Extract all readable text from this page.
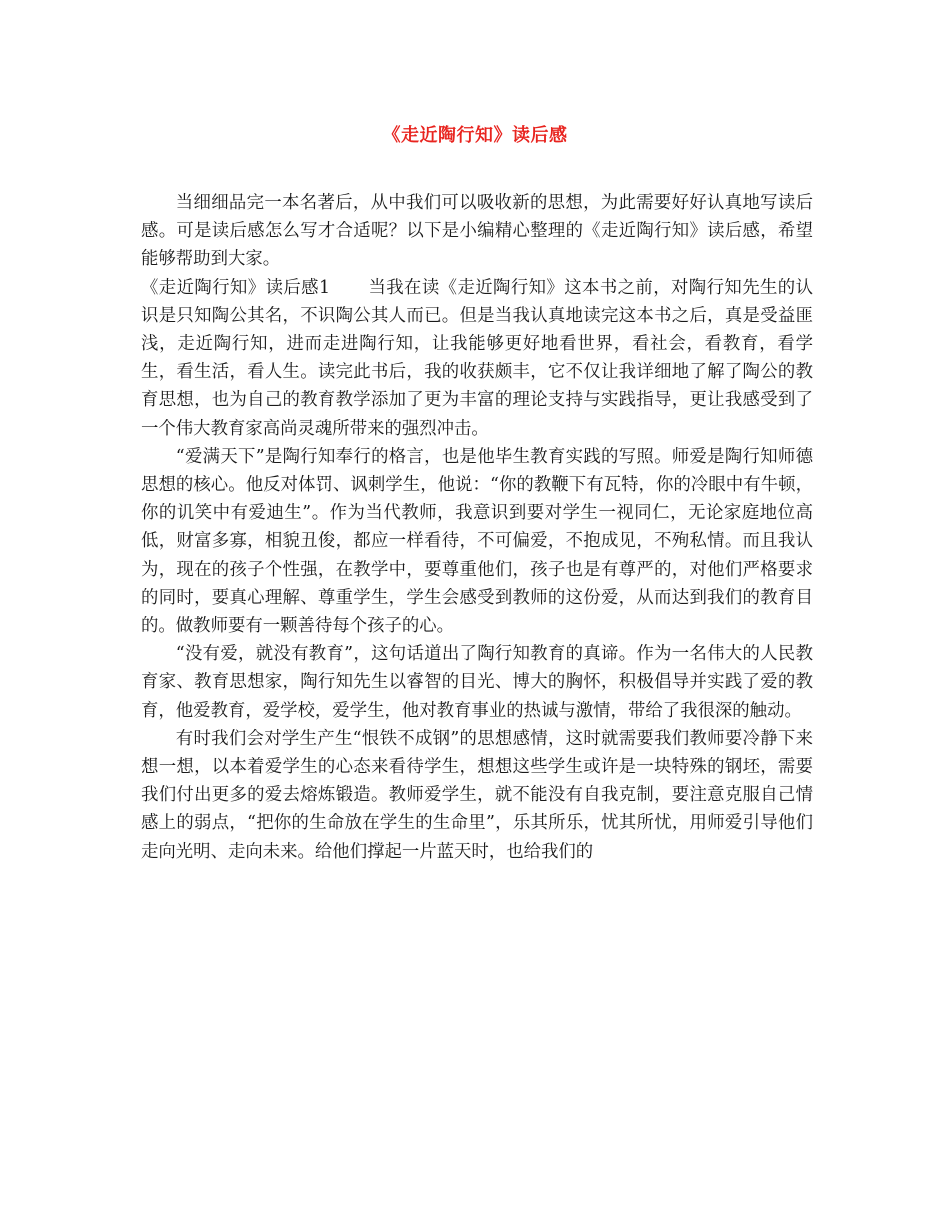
《走近陶行知》读后感

当细细品完一本名著后，从中我们可以吸收新的思想，为此需要好好认真地写读后感。可是读后感怎么写才合适呢？以下是小编精心整理的《走近陶行知》读后感，希望能够帮助到大家。

《走近陶行知》读后感1 当我在读《走近陶行知》这本书之前，对陶行知先生的认识是只知陶公其名，不识陶公其人而已。但是当我认真地读完这本书之后，真是受益匪浅，走近陶行知，进而走进陶行知，让我能够更好地看世界，看社会，看教育，看学生，看生活，看人生。读完此书后，我的收获颇丰，它不仅让我详细地了解了陶公的教育思想，也为自己的教育教学添加了更为丰富的理论支持与实践指导，更让我感受到了一个伟大教育家高尚灵魂所带来的强烈冲击。

“爱满天下”是陶行知奉行的格言，也是他毕生教育实践的写照。师爱是陶行知师德思想的核心。他反对体罚、讽刺学生，他说：“你的教鞭下有瓦特，你的冷眼中有牛顿，你的讥笑中有爱迪生”。作为当代教师，我意识到要对学生一视同仁，无论家庭地位高低，财富多寡，相貌丑俊，都应一样看待，不可偏爱，不抱成见，不殉私情。而且我认为，现在的孩子个性强，在教学中，要尊重他们，孩子也是有尊严的，对他们严格要求的同时，要真心理解、尊重学生，学生会感受到教师的这份爱，从而达到我们的教育目的。做教师要有一颗善待每个孩子的心。

“没有爱，就没有教育”，这句话道出了陶行知教育的真谛。作为一名伟大的人民教育家、教育思想家，陶行知先生以睿智的目光、博大的胸怀，积极倡导并实践了爱的教育，他爱教育，爱学校，爱学生，他对教育事业的热诚与激情，带给了我很深的触动。

有时我们会对学生产生“恨铁不成钢”的思想感情，这时就需要我们教师要冷静下来想一想，以本着爱学生的心态来看待学生，想想这些学生或许是一块特殊的钢坯，需要我们付出更多的爱去熔炼锻造。教师爱学生，就不能没有自我克制，要注意克服自己情感上的弱点，“把你的生命放在学生的生命里”，乐其所乐，忧其所忧，用师爱引导他们走向光明、走向未来。给他们撑起一片蓝天时，也给我们的
